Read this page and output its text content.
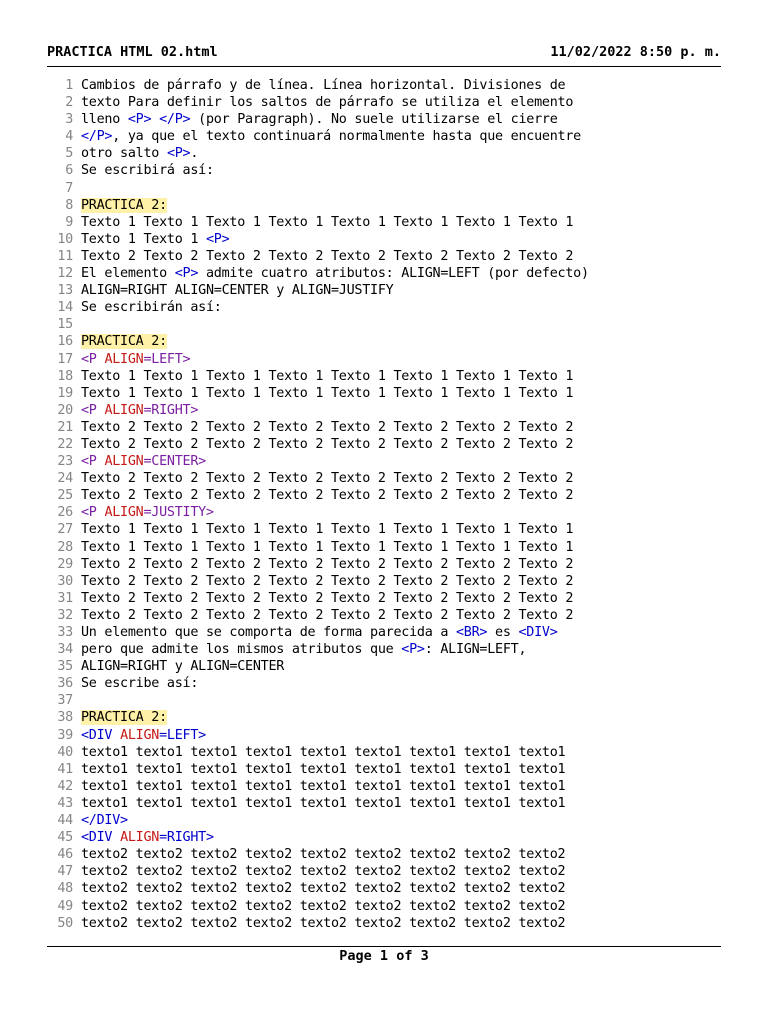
PRACTICA HTML 02.html	11/02/2022 8:50 p. m.
1 Cambios de párrafo y de línea. Línea horizontal. Divisiones de
2 texto Para definir los saltos de párrafo se utiliza el elemento
3 lleno <P> </P> (por Paragraph). No suele utilizarse el cierre
4 </P>, ya que el texto continuará normalmente hasta que encuentre
5 otro salto <P>.
6 Se escribirá así:
7
8 PRACTICA 2:
9 Texto 1 Texto 1 Texto 1 Texto 1 Texto 1 Texto 1 Texto 1 Texto 1
10 Texto 1 Texto 1 <P>
11 Texto 2 Texto 2 Texto 2 Texto 2 Texto 2 Texto 2 Texto 2 Texto 2
12 El elemento <P> admite cuatro atributos: ALIGN=LEFT (por defecto)
13 ALIGN=RIGHT ALIGN=CENTER y ALIGN=JUSTIFY
14 Se escribirán así:
15
16 PRACTICA 2:
17 <P ALIGN=LEFT>
18 Texto 1 Texto 1 Texto 1 Texto 1 Texto 1 Texto 1 Texto 1 Texto 1
19 Texto 1 Texto 1 Texto 1 Texto 1 Texto 1 Texto 1 Texto 1 Texto 1
20 <P ALIGN=RIGHT>
21 Texto 2 Texto 2 Texto 2 Texto 2 Texto 2 Texto 2 Texto 2 Texto 2
22 Texto 2 Texto 2 Texto 2 Texto 2 Texto 2 Texto 2 Texto 2 Texto 2
23 <P ALIGN=CENTER>
24 Texto 2 Texto 2 Texto 2 Texto 2 Texto 2 Texto 2 Texto 2 Texto 2
25 Texto 2 Texto 2 Texto 2 Texto 2 Texto 2 Texto 2 Texto 2 Texto 2
26 <P ALIGN=JUSTITY>
27 Texto 1 Texto 1 Texto 1 Texto 1 Texto 1 Texto 1 Texto 1 Texto 1
28 Texto 1 Texto 1 Texto 1 Texto 1 Texto 1 Texto 1 Texto 1 Texto 1
29 Texto 2 Texto 2 Texto 2 Texto 2 Texto 2 Texto 2 Texto 2 Texto 2
30 Texto 2 Texto 2 Texto 2 Texto 2 Texto 2 Texto 2 Texto 2 Texto 2
31 Texto 2 Texto 2 Texto 2 Texto 2 Texto 2 Texto 2 Texto 2 Texto 2
32 Texto 2 Texto 2 Texto 2 Texto 2 Texto 2 Texto 2 Texto 2 Texto 2
33 Un elemento que se comporta de forma parecida a <BR> es <DIV>
34 pero que admite los mismos atributos que <P>: ALIGN=LEFT,
35 ALIGN=RIGHT y ALIGN=CENTER
36 Se escribe así:
37
38 PRACTICA 2:
39 <DIV ALIGN=LEFT>
40 texto1 texto1 texto1 texto1 texto1 texto1 texto1 texto1 texto1
41 texto1 texto1 texto1 texto1 texto1 texto1 texto1 texto1 texto1
42 texto1 texto1 texto1 texto1 texto1 texto1 texto1 texto1 texto1
43 texto1 texto1 texto1 texto1 texto1 texto1 texto1 texto1 texto1
44 </DIV>
45 <DIV ALIGN=RIGHT>
46 texto2 texto2 texto2 texto2 texto2 texto2 texto2 texto2 texto2
47 texto2 texto2 texto2 texto2 texto2 texto2 texto2 texto2 texto2
48 texto2 texto2 texto2 texto2 texto2 texto2 texto2 texto2 texto2
49 texto2 texto2 texto2 texto2 texto2 texto2 texto2 texto2 texto2
50 texto2 texto2 texto2 texto2 texto2 texto2 texto2 texto2 texto2
Page 1 of 3
